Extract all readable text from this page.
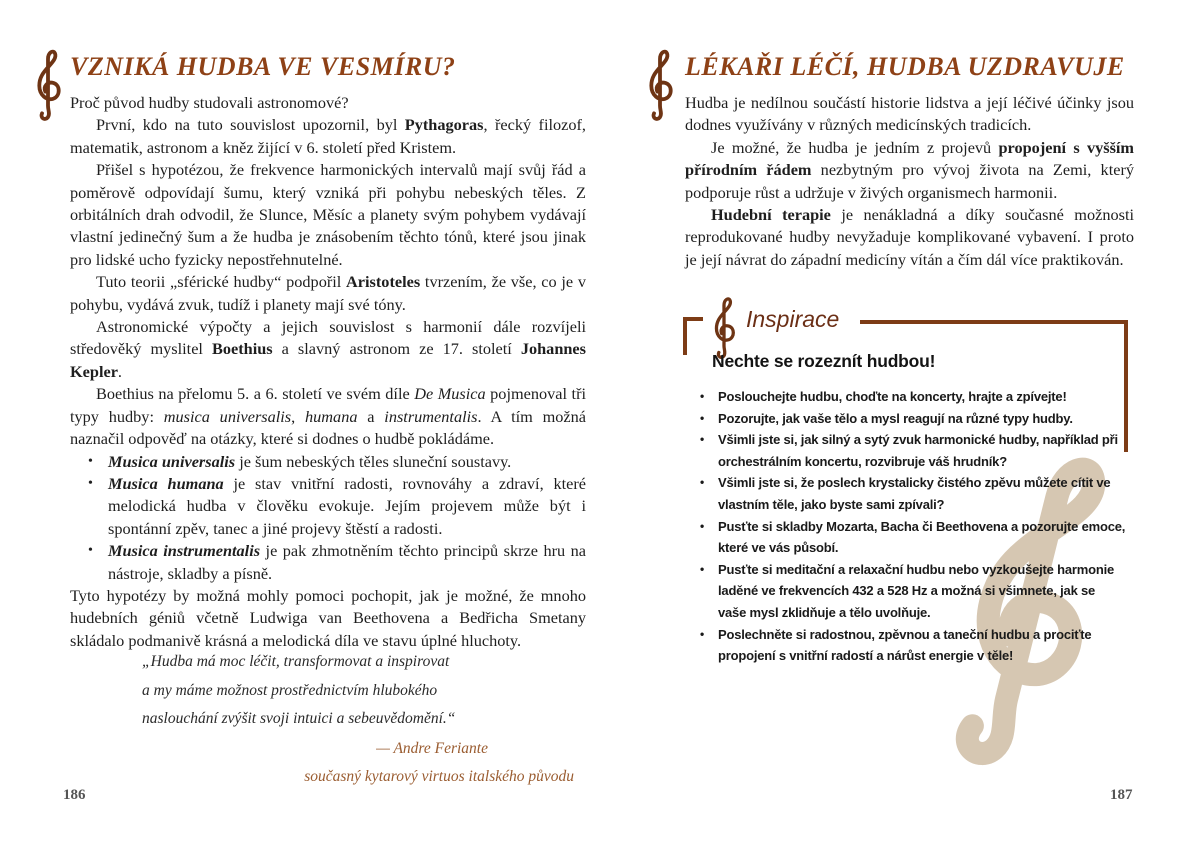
VZNIKÁ HUDBA VE VESMÍRU?

Proč původ hudby studovali astronomové?

První, kdo na tuto souvislost upozornil, byl Pythagoras, řecký filozof, matematik, astronom a kněz žijící v 6. století před Kristem.

Přišel s hypotézou, že frekvence harmonických intervalů mají svůj řád a poměrově odpovídají šumu, který vzniká při pohybu nebeských těles. Z orbitálních drah odvodil, že Slunce, Měsíc a planety svým pohybem vydávají vlastní jedinečný šum a že hudba je znásobením těchto tónů, které jsou jinak pro lidské ucho fyzicky nepostřehnutelné.

Tuto teorii „sférické hudby“ podpořil Aristoteles tvrzením, že vše, co je v pohybu, vydává zvuk, tudíž i planety mají své tóny.

Astronomické výpočty a jejich souvislost s harmonií dále rozvíjeli středověký myslitel Boethius a slavný astronom ze 17. století Johannes Kepler.

Boethius na přelomu 5. a 6. století ve svém díle De Musica pojmenoval tři typy hudby: musica universalis, humana a instrumentalis. A tím možná naznačil odpověď na otázky, které si dodnes o hudbě pokládáme.

• Musica universalis je šum nebeských těles sluneční soustavy.
• Musica humana je stav vnitřní radosti, rovnováhy a zdraví, které melodická hudba v člověku evokuje. Jejím projevem může být i spontánní zpěv, tanec a jiné projevy štěstí a radosti.
• Musica instrumentalis je pak zhmotněním těchto principů skrze hru na nástroje, skladby a písně.

Tyto hypotézy by možná mohly pomoci pochopit, jak je možné, že mnoho hudebních géniů včetně Ludwiga van Beethovena a Bedřicha Smetany skládalo podmanivě krásná a melodická díla ve stavu úplné hluchoty.

„Hudba má moc léčit, transformovat a inspirovat
a my máme možnost prostřednictvím hlubokého
naslouchání zvýšit svoji intuici a sebeuvědomění.“
— Andre Feriante
současný kytarový virtuos italského původu
186
LÉKAŘI LÉČÍ, HUDBA UZDRAVUJE

Hudba je nedílnou součástí historie lidstva a její léčivé účinky jsou dodnes využívány v různých medicínských tradicích.

Je možné, že hudba je jedním z projevů propojení s vyšším přírodním řádem nezbytným pro vývoj života na Zemi, který podporuje růst a udržuje v živých organismech harmonii.

Hudební terapie je nenákladná a díky současné možnosti reprodukované hudby nevyžaduje komplikované vybavení. I proto je její návrat do západní medicíny vítán a čím dál více praktikován.

Inspirace
Nechte se rozeznít hudbou!
•	Poslouchejte hudbu, choďte na koncerty, hrajte a zpívejte!
•	Pozorujte, jak vaše tělo a mysl reagují na různé typy hudby.
•	Všimli jste si, jak silný a sytý zvuk harmonické hudby, například při orchestrálním koncertu, rozvibruje váš hrudník?
•	Všimli jste si, že poslech krystalicky čistého zpěvu můžete cítit ve vlastním těle, jako byste sami zpívali?
•	Pusťte si skladby Mozarta, Bacha či Beethovena a pozorujte emoce, které ve vás působí.
•	Pusťte si meditační a relaxační hudbu nebo vyzkoušejte harmonie laděné ve frekvencích 432 a 528 Hz a možná si všimnete, jak se vaše mysl zklidňuje a tělo uvolňuje.
•	Poslechněte si radostnou, zpěvnou a taneční hudbu a prociťte propojení s vnitřní radostí a nárůst energie v těle!
187
